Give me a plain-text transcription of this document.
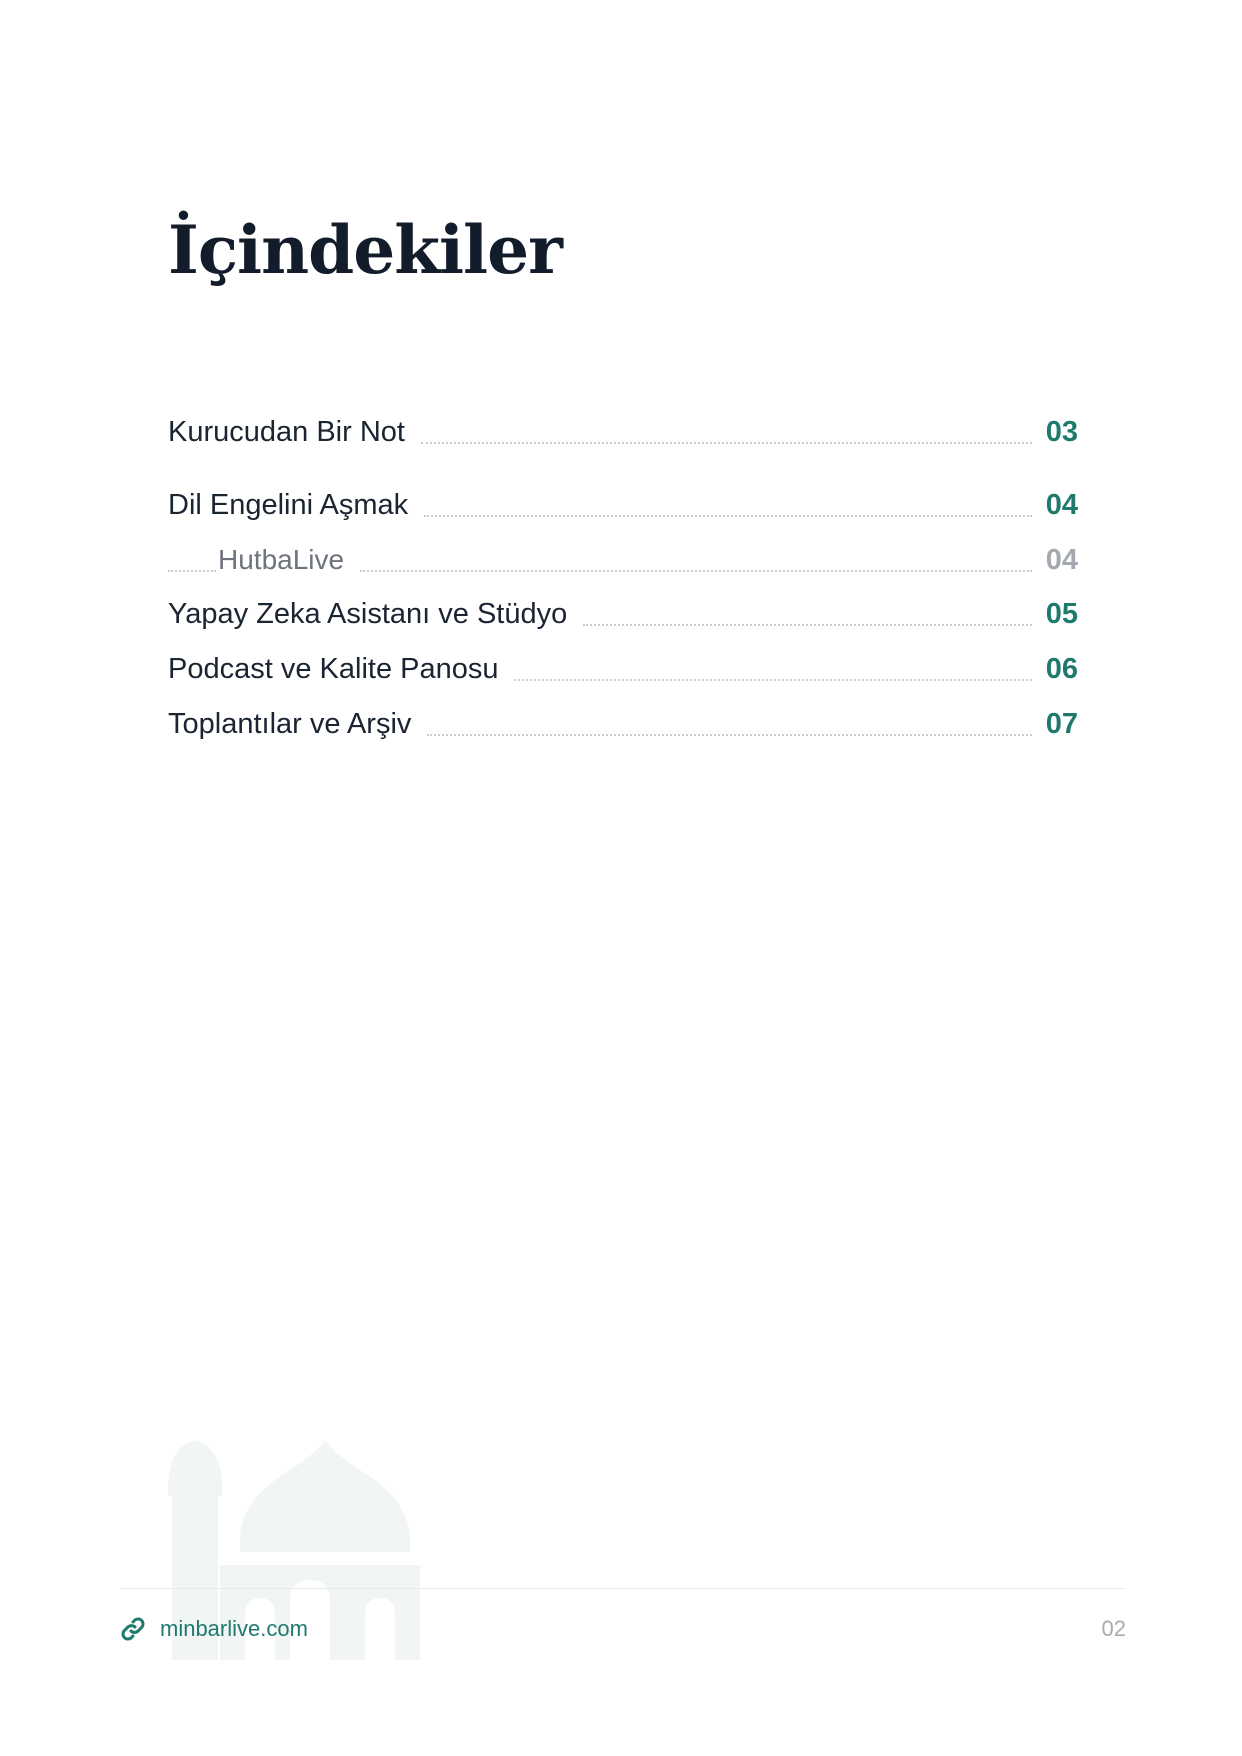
İçindekiler
Kurucudan Bir Not	03
Dil Engelini Aşmak	04
HutbaLive	04
Yapay Zeka Asistanı ve Stüdyo	05
Podcast ve Kalite Panosu	06
Toplantılar ve Arşiv	07
minbarlive.com	02
